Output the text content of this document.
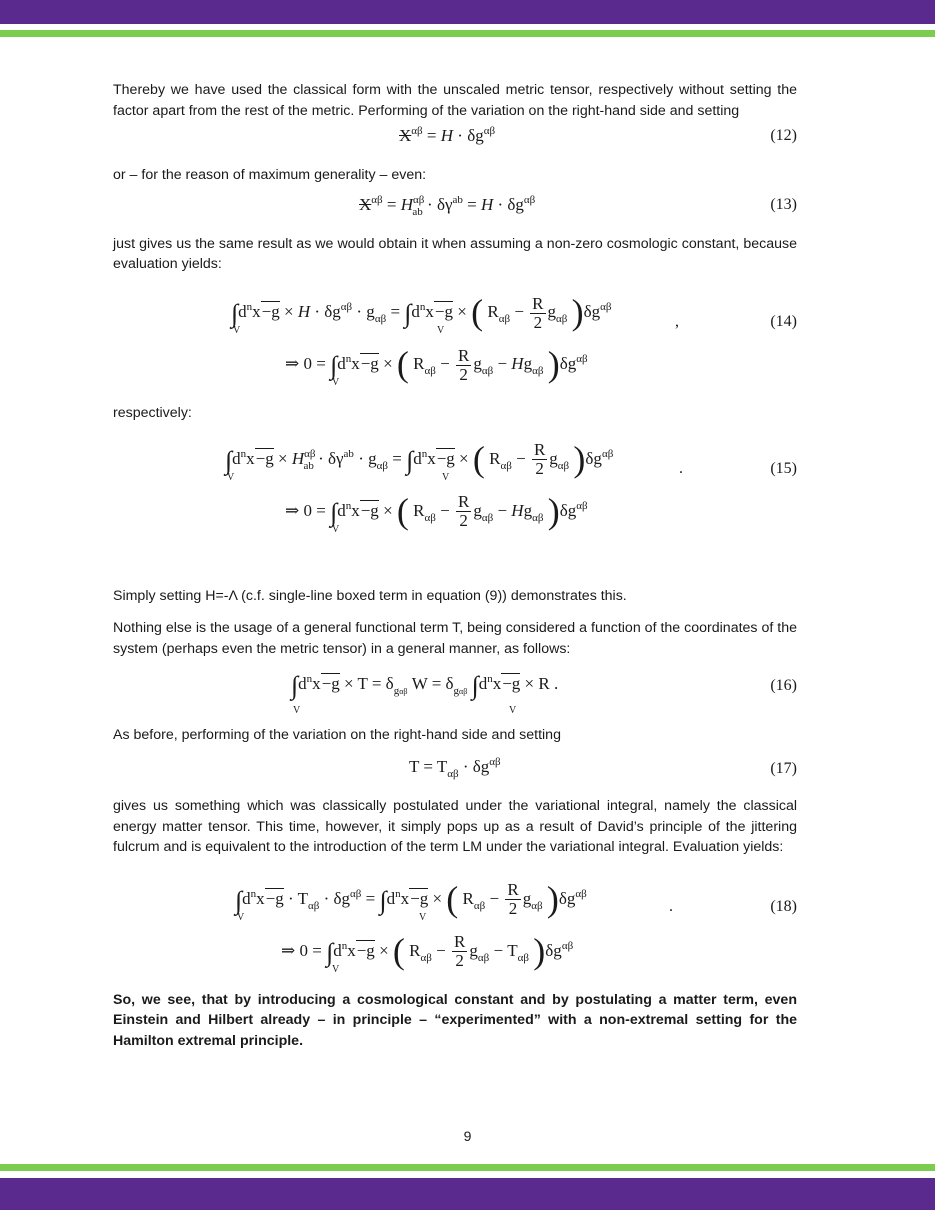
Thereby we have used the classical form with the unscaled metric tensor, respectively without setting the factor apart from the rest of the metric. Performing of the variation on the right-hand side and setting

$X^{\alpha\beta} = H \cdot \delta g^{\alpha\beta}$	(12)

or – for the reason of maximum generality – even:

$X^{\alpha\beta} = H^{\alpha\beta}_{ab} \cdot \delta\gamma^{ab} = H \cdot \delta g^{\alpha\beta}$	(13)

just gives us the same result as we would obtain it when assuming a non-zero cosmologic constant, because evaluation yields:

$\int d^nx-g \times H \cdot \delta g^{\alpha\beta} \cdot g_{\alpha\beta} = \int d^nx-g$ × ( $R_{\alpha\beta} - \frac{R}{2} g_{\alpha\beta}$ )$\delta g^{\alpha\beta}$
V	V
,	(14)
⇒ $0 = \int d^nx-g$ × ( $R_{\alpha\beta} - \frac{R}{2} g_{\alpha\beta} - Hg_{\alpha\beta}$ )$\delta g^{\alpha\beta}$
V

respectively:

$\int d^nx-g \times H^{\alpha\beta}_{ab} \cdot \delta\gamma^{ab} \cdot g_{\alpha\beta} = \int d^nx-g$ × ( $R_{\alpha\beta} - \frac{R}{2} g_{\alpha\beta}$ )$\delta g^{\alpha\beta}$
V	V
.	(15)
⇒ $0 = \int d^nx-g$ × ( $R_{\alpha\beta} - \frac{R}{2} g_{\alpha\beta} - Hg_{\alpha\beta}$ )$\delta g^{\alpha\beta}$
V

Simply setting H=-Λ (c.f. single-line boxed term in equation (9)) demonstrates this.

Nothing else is the usage of a general functional term T, being considered a function of the coordinates of the system (perhaps even the metric tensor) in a general manner, as follows:

$\int d^nx-g \times T = \delta_{g\alpha\beta}$ $W = \delta_{g\alpha\beta}$ $\int d^nx-g \times R$ .
V	V
(16)

As before, performing of the variation on the right-hand side and setting

$T = T_{\alpha\beta} \cdot \delta g^{\alpha\beta}$	(17)

gives us something which was classically postulated under the variational integral, namely the classical energy matter tensor. This time, however, it simply pops up as a result of David’s principle of the jittering fulcrum and is equivalent to the introduction of the term LM under the variational integral. Evaluation yields:

$\int d^nx-g \cdot T_{\alpha\beta} \cdot \delta g^{\alpha\beta} = \int d^nx-g$ × ( $R_{\alpha\beta} - \frac{R}{2} g_{\alpha\beta}$ )$\delta g^{\alpha\beta}$
V	V
.	(18)
⇒ $0 = \int d^nx-g$ × ( $R_{\alpha\beta} - \frac{R}{2} g_{\alpha\beta} - T_{\alpha\beta}$ )$\delta g^{\alpha\beta}$
V

So, we see, that by introducing a cosmological constant and by postulating a matter term, even Einstein and Hilbert already – in principle – “experimented” with a non-extremal setting for the Hamilton extremal principle.

9
